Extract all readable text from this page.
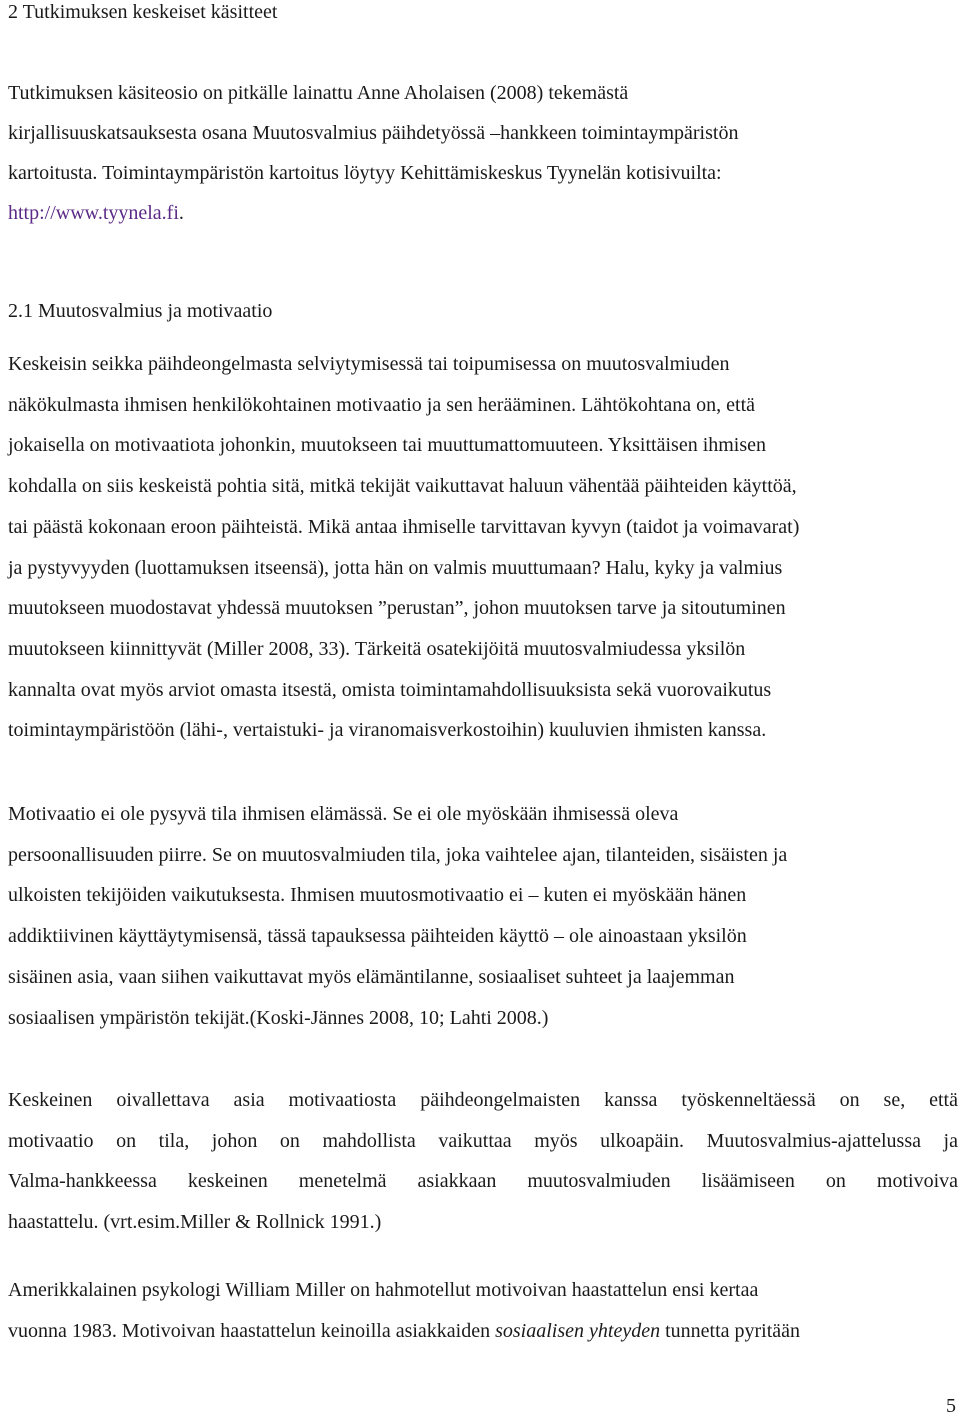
2 Tutkimuksen keskeiset käsitteet
Tutkimuksen käsiteosio on pitkälle lainattu Anne Aholaisen (2008) tekemästä
kirjallisuuskatsauksesta osana Muutosvalmius päihdetyössä –hankkeen toimintaympäristön
kartoitusta. Toimintaympäristön kartoitus löytyy Kehittämiskeskus Tyynelän kotisivuilta:
http://www.tyynela.fi.
2.1 Muutosvalmius ja motivaatio
Keskeisin seikka päihdeongelmasta selviytymisessä tai toipumisessa on muutosvalmiuden
näkökulmasta ihmisen henkilökohtainen motivaatio ja sen herääminen. Lähtökohtana on, että
jokaisella on motivaatiota johonkin, muutokseen tai muuttumattomuuteen. Yksittäisen ihmisen
kohdalla on siis keskeistä pohtia sitä, mitkä tekijät vaikuttavat haluun vähentää päihteiden käyttöä,
tai päästä kokonaan eroon päihteistä. Mikä antaa ihmiselle tarvittavan kyvyn (taidot ja voimavarat)
ja pystyvyyden (luottamuksen itseensä), jotta hän on valmis muuttumaan? Halu, kyky ja valmius
muutokseen muodostavat yhdessä muutoksen ”perustan”, johon muutoksen tarve ja sitoutuminen
muutokseen kiinnittyvät (Miller 2008, 33). Tärkeitä osatekijöitä muutosvalmiudessa yksilön
kannalta ovat myös arviot omasta itsestä, omista toimintamahdollisuuksista sekä vuorovaikutus
toimintaympäristöön (lähi-, vertaistuki- ja viranomaisverkostoihin) kuuluvien ihmisten kanssa.
Motivaatio ei ole pysyvä tila ihmisen elämässä. Se ei ole myöskään ihmisessä oleva
persoonallisuuden piirre. Se on muutosvalmiuden tila, joka vaihtelee ajan, tilanteiden, sisäisten ja
ulkoisten tekijöiden vaikutuksesta. Ihmisen muutosmotivaatio ei – kuten ei myöskään hänen
addiktiivinen käyttäytymisensä, tässä tapauksessa päihteiden käyttö – ole ainoastaan yksilön
sisäinen asia, vaan siihen vaikuttavat myös elämäntilanne, sosiaaliset suhteet ja laajemman
sosiaalisen ympäristön tekijät.(Koski-Jännes 2008, 10; Lahti 2008.)
Keskeinen oivallettava asia motivaatiosta päihdeongelmaisten kanssa työskenneltäessä on se, että
motivaatio on tila, johon on mahdollista vaikuttaa myös ulkoapäin. Muutosvalmius-ajattelussa ja
Valma-hankkeessa keskeinen menetelmä asiakkaan muutosvalmiuden lisäämiseen on motivoiva
haastattelu. (vrt.esim.Miller & Rollnick 1991.)
Amerikkalainen psykologi William Miller on hahmotellut motivoivan haastattelun ensi kertaa
vuonna 1983. Motivoivan haastattelun keinoilla asiakkaiden sosiaalisen yhteyden tunnetta pyritään
5
